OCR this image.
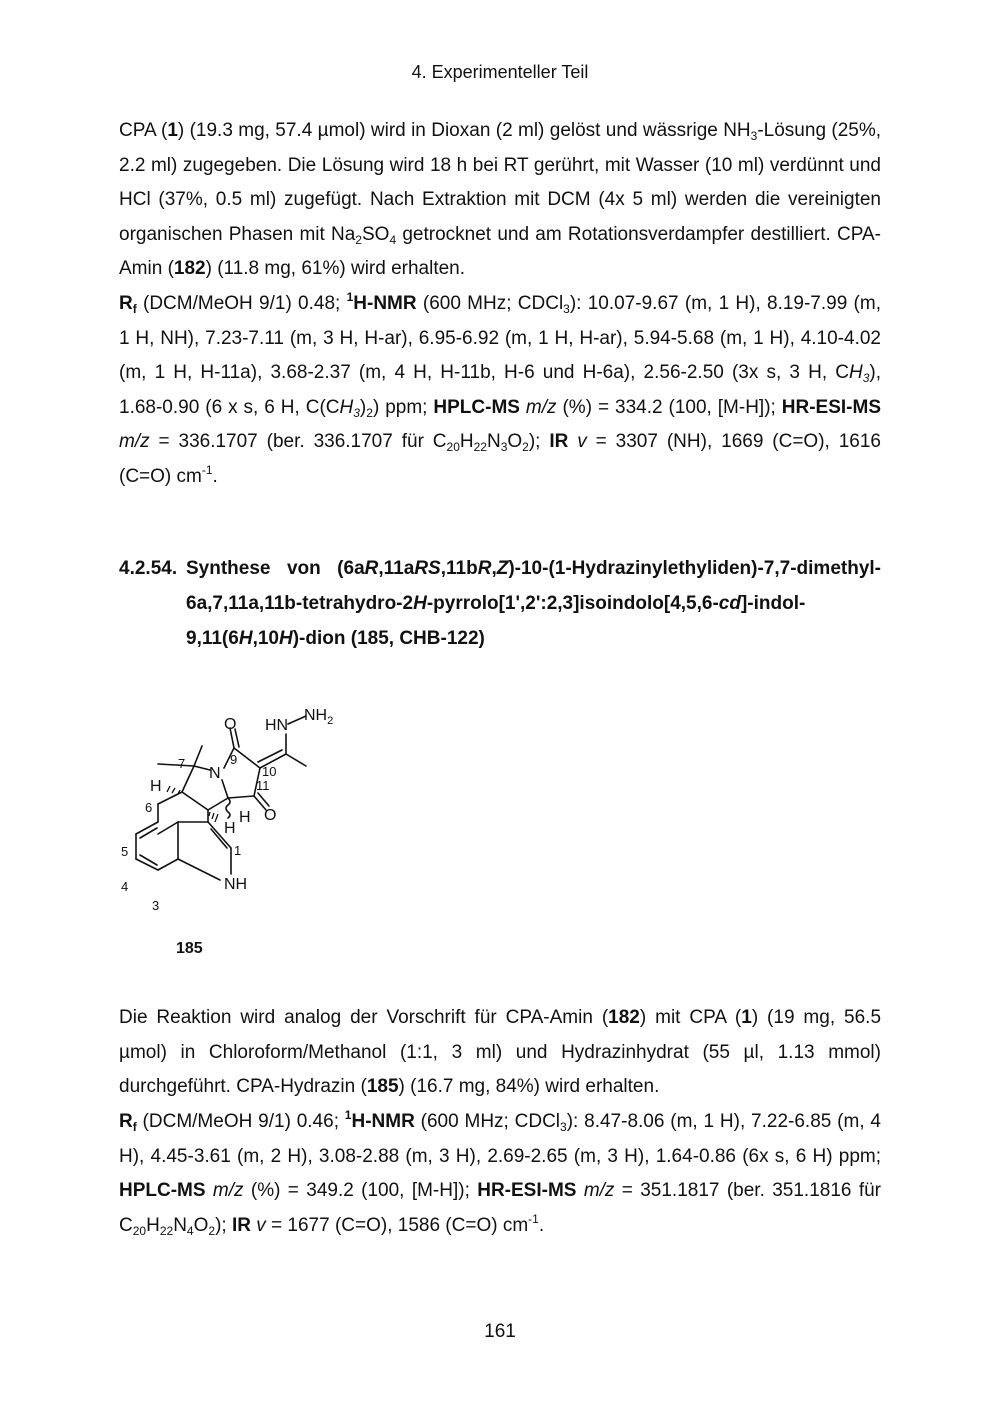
4. Experimenteller Teil

CPA (1) (19.3 mg, 57.4 µmol) wird in Dioxan (2 ml) gelöst und wässrige $NH_3$-Lösung (25%, 2.2 ml) zugegeben. Die Lösung wird 18 h bei RT gerührt, mit Wasser (10 ml) verdünnt und HCl (37%, 0.5 ml) zugefügt. Nach Extraktion mit DCM (4x 5 ml) werden die vereinigten organischen Phasen mit $Na_2SO_4$ getrocknet und am Rotationsverdampfer destilliert. CPA-Amin (182) (11.8 mg, 61%) wird erhalten.

$R_f$ (DCM/MeOH 9/1) 0.48; $^1$H-NMR (600 MHz; CDCl$_3$): 10.07-9.67 (m, 1 H), 8.19-7.99 (m, 1 H, NH), 7.23-7.11 (m, 3 H, H-ar), 6.95-6.92 (m, 1 H, H-ar), 5.94-5.68 (m, 1 H), 4.10-4.02 (m, 1 H, H-11a), 3.68-2.37 (m, 4 H, H-11b, H-6 und H-6a), 2.56-2.50 (3x s, 3 H, $CH_3$), 1.68-0.90 (6 x s, 6 H, $C(CH_3)_2$) ppm; HPLC-MS m/z (%) = 334.2 (100, [M-H]); HR-ESI-MS m/z = 336.1707 (ber. 336.1707 für $C_{20}H_{22}N_3O_2$); IR v = 3307 (NH), 1669 (C=O), 1616 (C=O) $cm^{-1}$.

4.2.54. Synthese von (6aR,11aRS,11bR,Z)-10-(1-Hydrazinylethyliden)-7,7-dimethyl-6a,7,11a,11b-tetrahydro-2H-pyrrolo[1',2':2,3]isoindolo[4,5,6-cd]-indol-9,11(6H,10H)-dion (185, CHB-122)
O HN
$NH_2$
N
O
NH
H
H
H
7	9
10
11
6
5
4
3
1

185

Die Reaktion wird analog der Vorschrift für CPA-Amin (182) mit CPA (1) (19 mg, 56.5 µmol) in Chloroform/Methanol (1:1, 3 ml) und Hydrazinhydrat (55 µl, 1.13 mmol) durchgeführt. CPA-Hydrazin (185) (16.7 mg, 84%) wird erhalten.

$R_f$ (DCM/MeOH 9/1) 0.46; $^1$H-NMR (600 MHz; CDCl$_3$): 8.47-8.06 (m, 1 H), 7.22-6.85 (m, 4 H), 4.45-3.61 (m, 2 H), 3.08-2.88 (m, 3 H), 2.69-2.65 (m, 3 H), 1.64-0.86 (6x s, 6 H) ppm; HPLC-MS m/z (%) = 349.2 (100, [M-H]); HR-ESI-MS m/z = 351.1817 (ber. 351.1816 für $C_{20}H_{22}N_4O_2$); IR v = 1677 (C=O), 1586 (C=O) $cm^{-1}$.

161
